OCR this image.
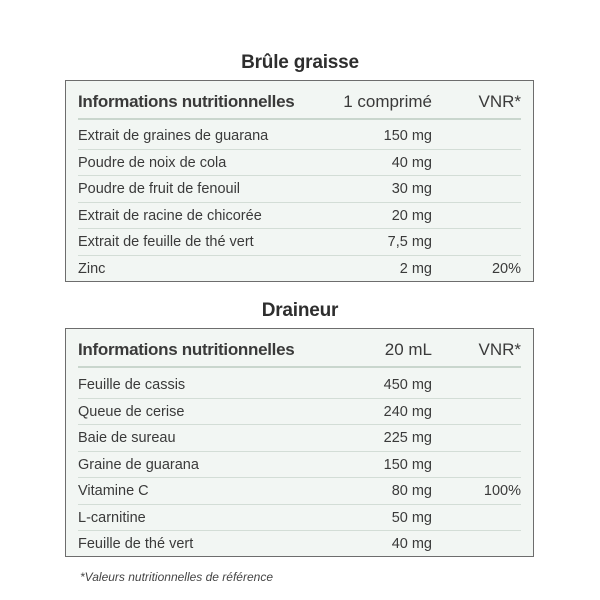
Brûle graisse
Informations nutritionnelles	1 comprimé	VNR*
Extrait de graines de guarana	150 mg
Poudre de noix de cola	40 mg
Poudre de fruit de fenouil	30 mg
Extrait de racine de chicorée	20 mg
Extrait de feuille de thé vert	7,5 mg
Zinc	2 mg	20%
Draineur
Informations nutritionnelles	20 mL	VNR*
Feuille de cassis	450 mg
Queue de cerise	240 mg
Baie de sureau	225 mg
Graine de guarana	150 mg
Vitamine C	80 mg	100%
L-carnitine	50 mg
Feuille de thé vert	40 mg
*Valeurs nutritionnelles de référence
